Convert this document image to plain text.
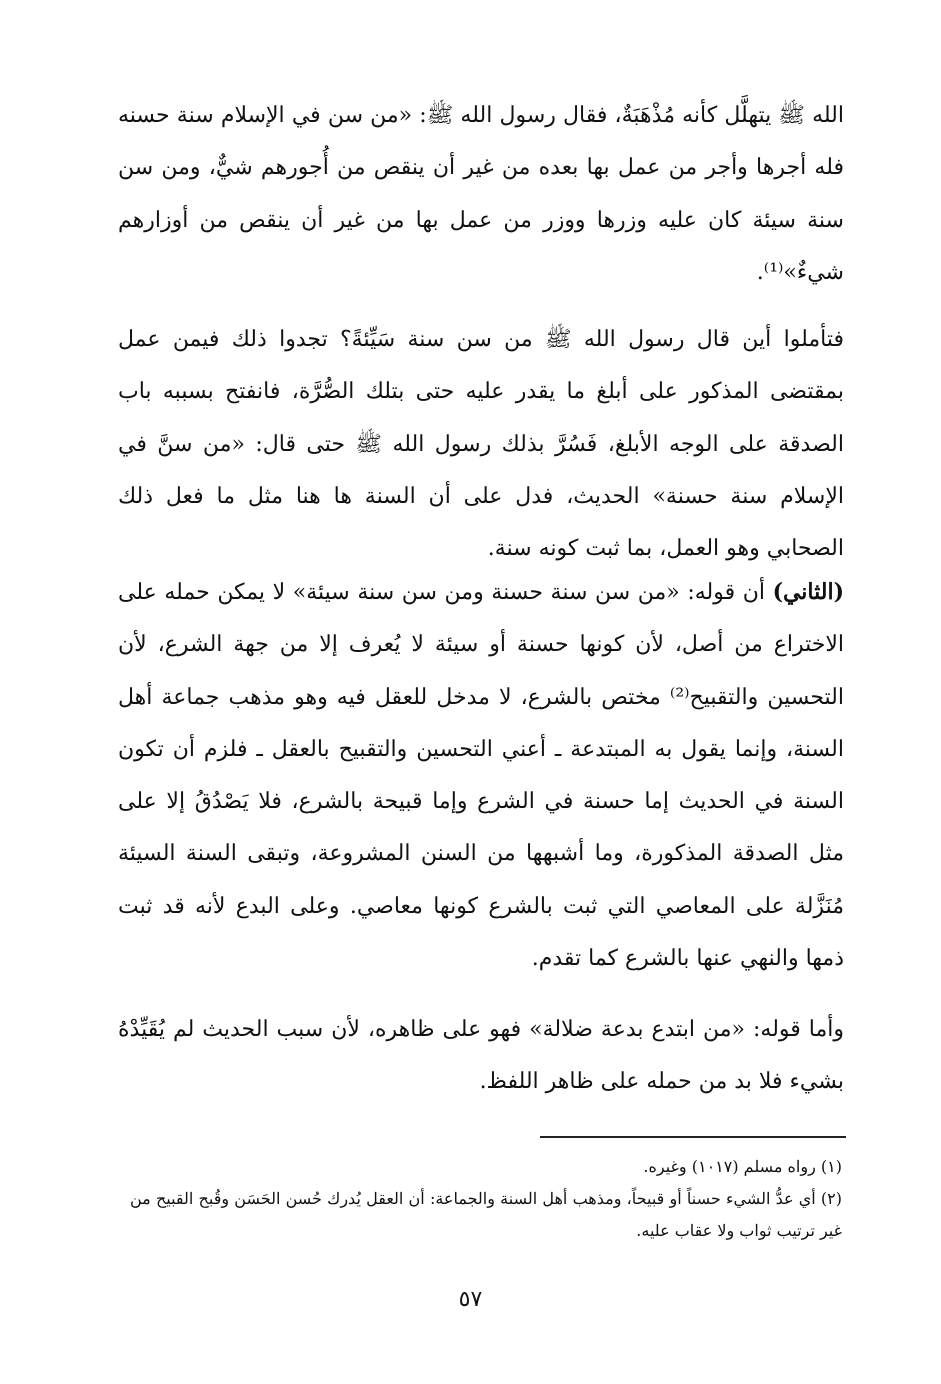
الله ﷺ يتهلَّل كأنه مُذْهَبَةٌ، فقال رسول الله ﷺ: «من سن في الإسلام سنة حسنه فله أجرها وأجر من عمل بها بعده من غير أن ينقص من أُجورهم شيٌّ، ومن سن سنة سيئة كان عليه وزرها ووزر من عمل بها من غير أن ينقص من أوزارهم شيءٌ»⁽¹⁾.

فتأملوا أين قال رسول الله ﷺ من سن سنة سَيِّئةً؟ تجدوا ذلك فيمن عمل بمقتضى المذكور على أبلغ ما يقدر عليه حتى بتلك الصُّرَّة، فانفتح بسببه باب الصدقة على الوجه الأبلغ، فَسُرَّ بذلك رسول الله ﷺ حتى قال: «من سنَّ في الإسلام سنة حسنة» الحديث، فدل على أن السنة ها هنا مثل ما فعل ذلك الصحابي وهو العمل، بما ثبت كونه سنة.

(الثاني) أن قوله: «من سن سنة حسنة ومن سن سنة سيئة» لا يمكن حمله على الاختراع من أصل، لأن كونها حسنة أو سيئة لا يُعرف إلا من جهة الشرع، لأن التحسين والتقبيح⁽²⁾ مختص بالشرع، لا مدخل للعقل فيه وهو مذهب جماعة أهل السنة، وإنما يقول به المبتدعة ـ أعني التحسين والتقبيح بالعقل ـ فلزم أن تكون السنة في الحديث إما حسنة في الشرع وإما قبيحة بالشرع، فلا يَصْدُقُ إلا على مثل الصدقة المذكورة، وما أشبهها من السنن المشروعة، وتبقى السنة السيئة مُنَزَّلة على المعاصي التي ثبت بالشرع كونها معاصي. وعلى البدع لأنه قد ثبت ذمها والنهي عنها بالشرع كما تقدم.

وأما قوله: «من ابتدع بدعة ضلالة» فهو على ظاهره، لأن سبب الحديث لم يُقَيِّدْهُ بشيء فلا بد من حمله على ظاهر اللفظ.

(١) رواه مسلم (١٠١٧) وغيره.

(٢) أي عدُّ الشيء حسناً أو قبيحاً، ومذهب أهل السنة والجماعة: أن العقل يُدرك حُسن الحَسَن وقُبح القبيح من غير ترتيب ثواب ولا عقاب عليه.

٥٧
